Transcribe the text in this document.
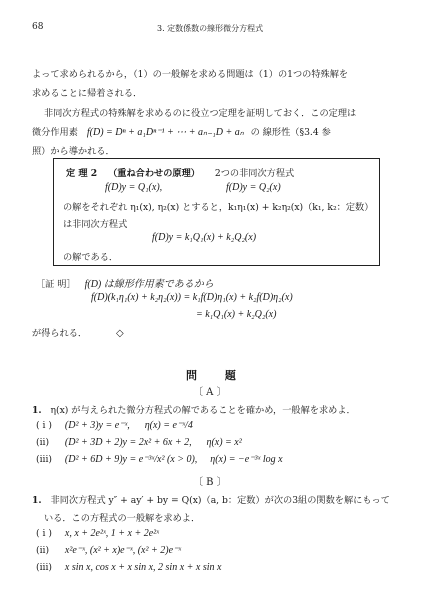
68	3. 定数係数の線形微分方程式
よって求められるから，（1）の一般解を求める問題は（1）の1つの特殊解を
求めることに帰着される．
非同次方程式の特殊解を求めるのに役立つ定理を証明しておく．この定理は
微分作用素 f(D) = Dⁿ + a₁Dⁿ⁻¹ + ⋯ + aₙ₋₁D + aₙ の 線形性（§3.4 参
照）から導かれる．
定 理 2 （重ね合わせの原理） 2つの非同次方程式
f(D)y = Q₁(x),	f(D)y = Q₂(x)
の解をそれぞれ η₁(x), η₂(x) とすると，k₁η₁(x) + k₂η₂(x)（k₁, k₂：定数）
は非同次方程式
f(D)y = k₁Q₁(x) + k₂Q₂(x)
の解である．
［証 明］ f(D) は線形作用素であるから
f(D)(k₁η₁(x) + k₂η₂(x)) = k₁f(D)η₁(x) + k₂f(D)η₂(x)
= k₁Q₁(x) + k₂Q₂(x)
が得られる．	◇
問 題
〔 A 〕
1. η(x) が与えられた微分方程式の解であることを確かめ，一般解を求めよ．
( i ) (D² + 3)y = e⁻ˣ, η(x) = e⁻ˣ/4
(ii) (D² + 3D + 2)y = 2x² + 6x + 2, η(x) = x²
(iii) (D² + 6D + 9)y = e⁻³ˣ/x² (x > 0), η(x) = −e⁻³ˣ log x
〔 B 〕
1. 非同次方程式 y″ + ay′ + by = Q(x)（a, b：定数）が次の3組の関数を解にもって
いる．この方程式の一般解を求めよ．
( i ) x, x + 2e²ˣ, 1 + x + 2e²ˣ
(ii) x²e⁻ˣ, (x² + x)e⁻ˣ, (x² + 2)e⁻ˣ
(iii) x sin x, cos x + x sin x, 2 sin x + x sin x
